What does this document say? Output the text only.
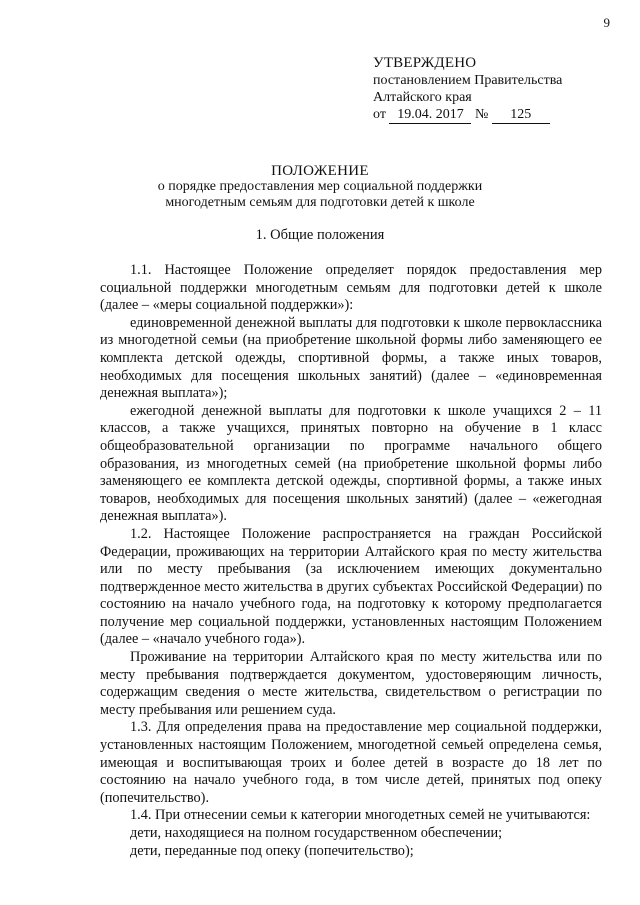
9
УТВЕРЖДЕНО
постановлением Правительства
Алтайского края
от 19.04. 2017 № 125
ПОЛОЖЕНИЕ
о порядке предоставления мер социальной поддержки
многодетным семьям для подготовки детей к школе
1. Общие положения

1.1. Настоящее Положение определяет порядок предоставления мер социальной поддержки многодетным семьям для подготовки детей к школе (далее – «меры социальной поддержки»):

единовременной денежной выплаты для подготовки к школе первоклассника из многодетной семьи (на приобретение школьной формы либо заменяющего ее комплекта детской одежды, спортивной формы, а также иных товаров, необходимых для посещения школьных занятий) (далее – «единовременная денежная выплата»);

ежегодной денежной выплаты для подготовки к школе учащихся 2 – 11 классов, а также учащихся, принятых повторно на обучение в 1 класс общеобразовательной организации по программе начального общего образования, из многодетных семей (на приобретение школьной формы либо заменяющего ее комплекта детской одежды, спортивной формы, а также иных товаров, необходимых для посещения школьных занятий) (далее – «ежегодная денежная выплата»).

1.2. Настоящее Положение распространяется на граждан Российской Федерации, проживающих на территории Алтайского края по месту жительства или по месту пребывания (за исключением имеющих документально подтвержденное место жительства в других субъектах Российской Федерации) по состоянию на начало учебного года, на подготовку к которому предполагается получение мер социальной поддержки, установленных настоящим Положением (далее – «начало учебного года»).

Проживание на территории Алтайского края по месту жительства или по месту пребывания подтверждается документом, удостоверяющим личность, содержащим сведения о месте жительства, свидетельством о регистрации по месту пребывания или решением суда.

1.3. Для определения права на предоставление мер социальной поддержки, установленных настоящим Положением, многодетной семьей определена семья, имеющая и воспитывающая троих и более детей в возрасте до 18 лет по состоянию на начало учебного года, в том числе детей, принятых под опеку (попечительство).

1.4. При отнесении семьи к категории многодетных семей не учитываются:

дети, находящиеся на полном государственном обеспечении;

дети, переданные под опеку (попечительство);
